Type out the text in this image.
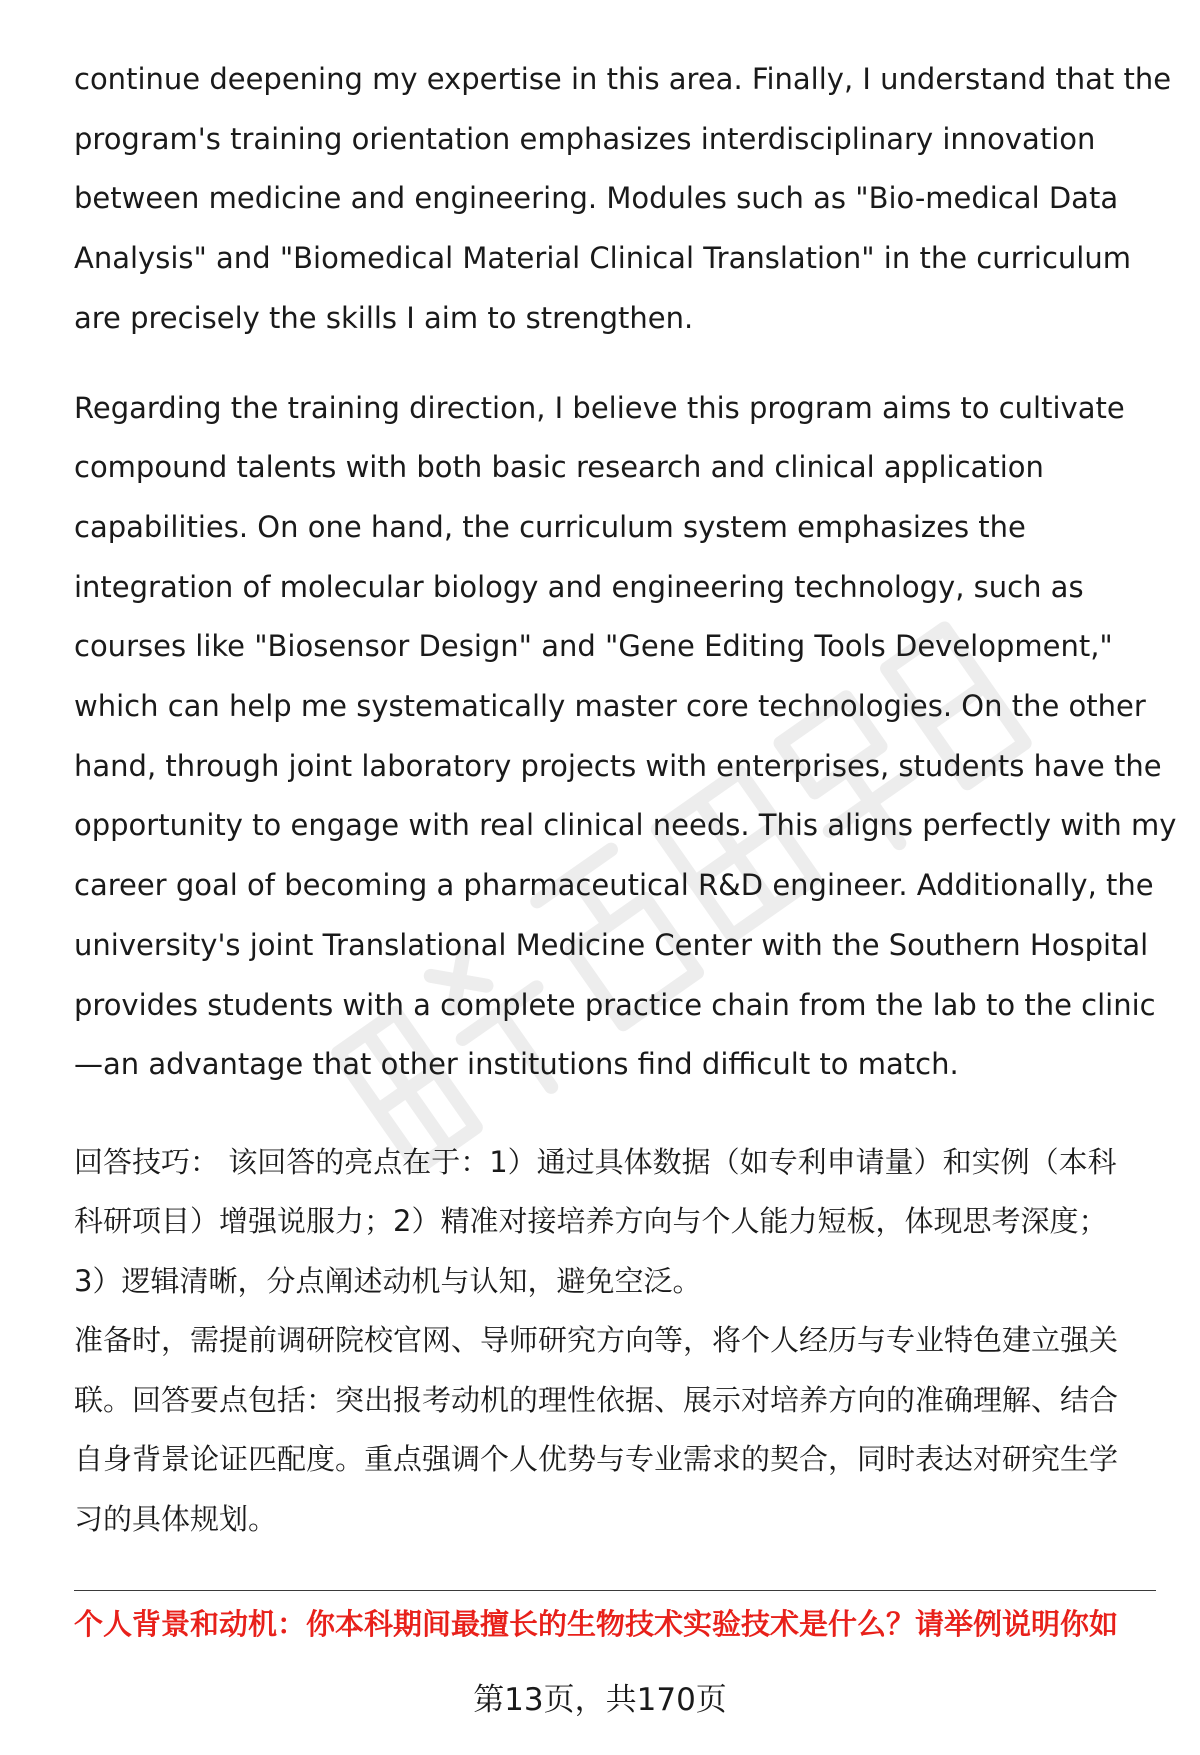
continue deepening my expertise in this area. Finally, I understand that the
program's training orientation emphasizes interdisciplinary innovation
between medicine and engineering. Modules such as "Bio-medical Data
Analysis" and "Biomedical Material Clinical Translation" in the curriculum
are precisely the skills I aim to strengthen.

Regarding the training direction, I believe this program aims to cultivate
compound talents with both basic research and clinical application
capabilities. On one hand, the curriculum system emphasizes the
integration of molecular biology and engineering technology, such as
courses like "Biosensor Design" and "Gene Editing Tools Development,"
which can help me systematically master core technologies. On the other
hand, through joint laboratory projects with enterprises, students have the
opportunity to engage with real clinical needs. This aligns perfectly with my
career goal of becoming a pharmaceutical R&D engineer. Additionally, the
university's joint Translational Medicine Center with the Southern Hospital
provides students with a complete practice chain from the lab to the clinic
—an advantage that other institutions find difficult to match.

回答技巧： 该回答的亮点在于：1）通过具体数据（如专利申请量）和实例（本科
科研项目）增强说服力；2）精准对接培养方向与个人能力短板，体现思考深度；
3）逻辑清晰，分点阐述动机与认知，避免空泛。

准备时，需提前调研院校官网、导师研究方向等，将个人经历与专业特色建立强关
联。回答要点包括：突出报考动机的理性依据、展示对培养方向的准确理解、结合
自身背景论证匹配度。重点强调个人优势与专业需求的契合，同时表达对研究生学
习的具体规划。

个人背景和动机：你本科期间最擅长的生物技术实验技术是什么？请举例说明你如
第13页，共170页
